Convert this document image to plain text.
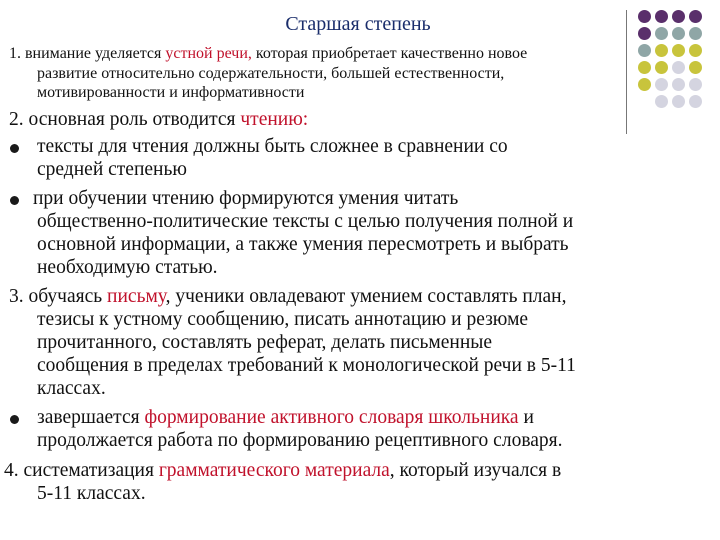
Старшая степень
1. внимание уделяется устной речи, которая приобретает качественно новое
развитие относительно содержательности, большей естественности,
мотивированности и информативности
2. основная роль отводится чтению:
тексты для чтения должны быть сложнее в сравнении со
средней степенью
при обучении чтению формируются умения читать
общественно-политические тексты с целью получения полной и
основной информации, а также умения пересмотреть и выбрать
необходимую статью.
3. обучаясь письму, ученики овладевают умением составлять план,
тезисы к устному сообщению, писать аннотацию и резюме
прочитанного, составлять реферат, делать письменные
сообщения в пределах требований к монологической речи в 5-11
классах.
завершается формирование активного словаря школьника и
продолжается работа по формированию рецептивного словаря.
4. систематизация грамматического материала, который изучался в
5-11 классах.
